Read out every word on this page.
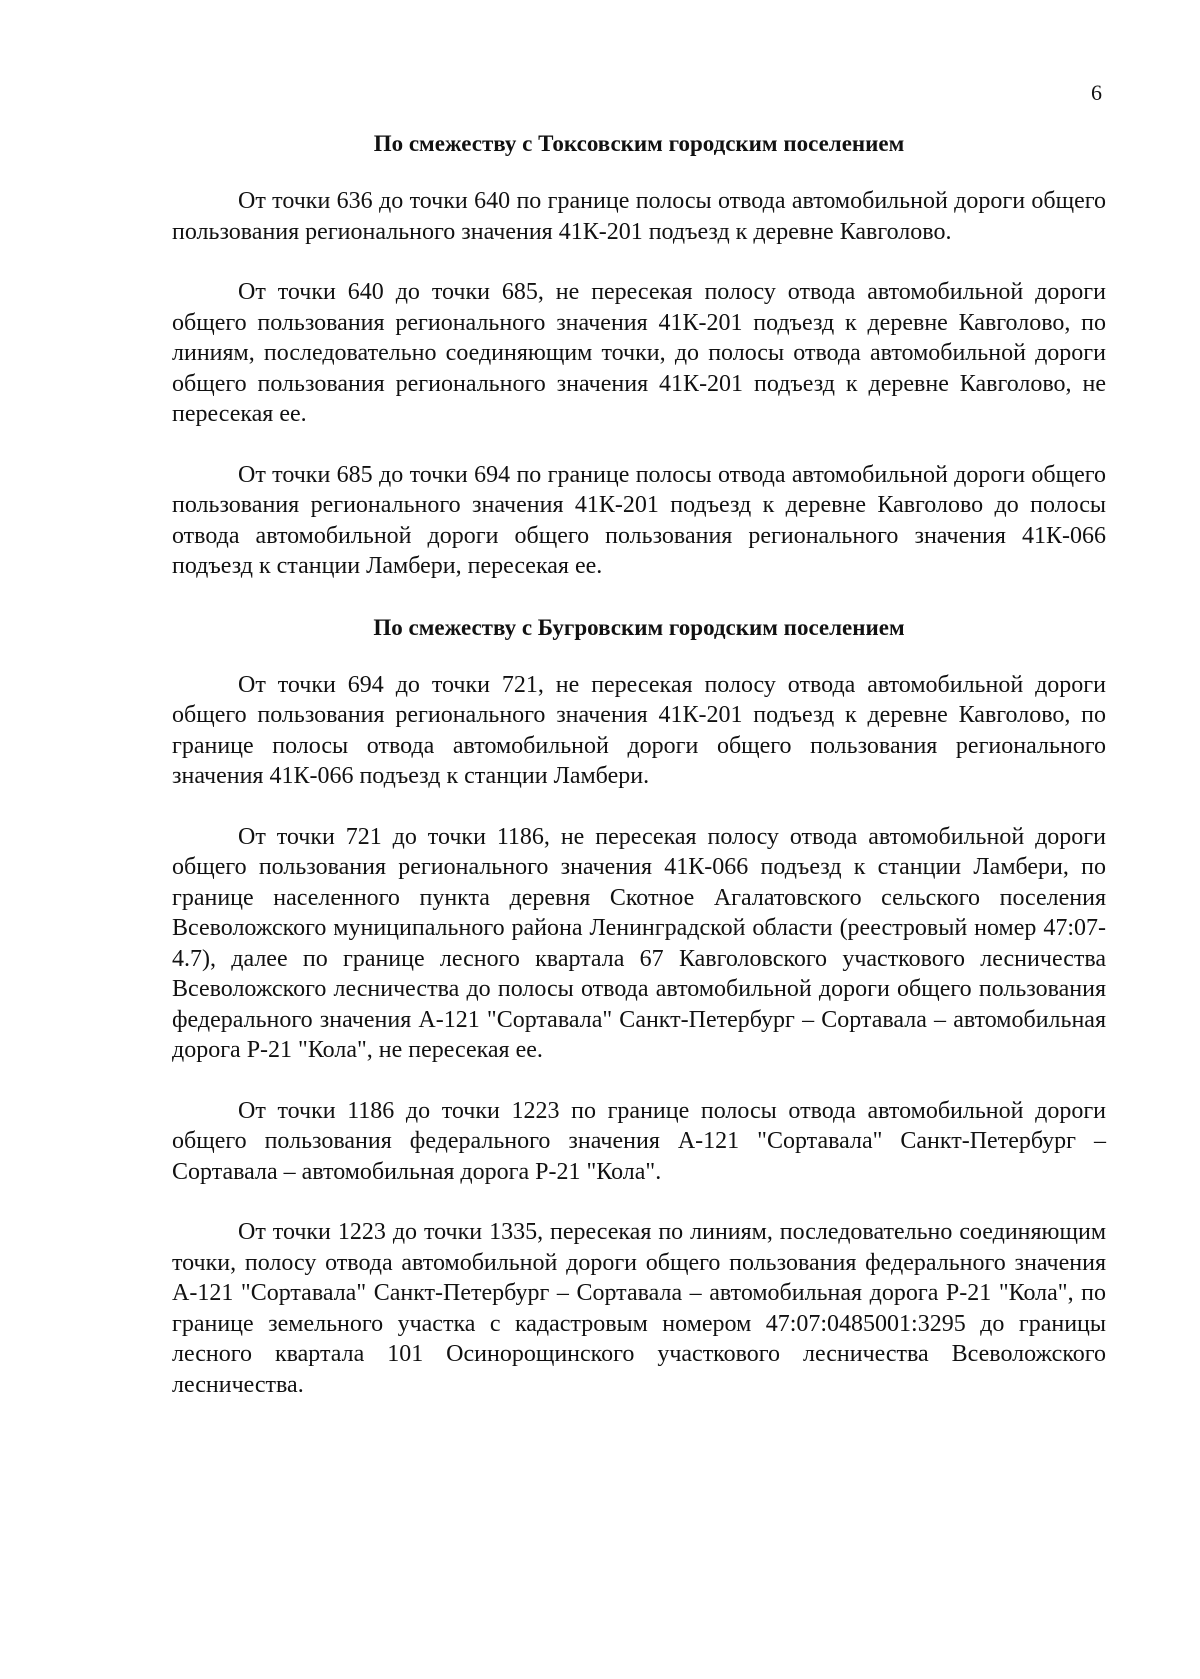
6
По смежеству с Токсовским городским поселением

От точки 636 до точки 640 по границе полосы отвода автомобильной дороги общего пользования регионального значения 41К-201 подъезд к деревне Кавголово.

От точки 640 до точки 685, не пересекая полосу отвода автомобильной дороги общего пользования регионального значения 41К-201 подъезд к деревне Кавголово, по линиям, последовательно соединяющим точки, до полосы отвода автомобильной дороги общего пользования регионального значения 41К-201 подъезд к деревне Кавголово, не пересекая ее.

От точки 685 до точки 694 по границе полосы отвода автомобильной дороги общего пользования регионального значения 41К-201 подъезд к деревне Кавголово до полосы отвода автомобильной дороги общего пользования регионального значения 41К-066 подъезд к станции Ламбери, пересекая ее.

По смежеству с Бугровским городским поселением

От точки 694 до точки 721, не пересекая полосу отвода автомобильной дороги общего пользования регионального значения 41К-201 подъезд к деревне Кавголово, по границе полосы отвода автомобильной дороги общего пользования регионального значения 41К-066 подъезд к станции Ламбери.

От точки 721 до точки 1186, не пересекая полосу отвода автомобильной дороги общего пользования регионального значения 41К-066 подъезд к станции Ламбери, по границе населенного пункта деревня Скотное Агалатовского сельского поселения Всеволожского муниципального района Ленинградской области (реестровый номер 47:07-4.7), далее по границе лесного квартала 67 Кавголовского участкового лесничества Всеволожского лесничества до полосы отвода автомобильной дороги общего пользования федерального значения А-121 "Сортавала" Санкт-Петербург – Сортавала – автомобильная дорога Р-21 "Кола", не пересекая ее.

От точки 1186 до точки 1223 по границе полосы отвода автомобильной дороги общего пользования федерального значения А-121 "Сортавала" Санкт-Петербург – Сортавала – автомобильная дорога Р-21 "Кола".

От точки 1223 до точки 1335, пересекая по линиям, последовательно соединяющим точки, полосу отвода автомобильной дороги общего пользования федерального значения А-121 "Сортавала" Санкт-Петербург – Сортавала – автомобильная дорога Р-21 "Кола", по границе земельного участка с кадастровым номером 47:07:0485001:3295 до границы лесного квартала 101 Осинорощинского участкового лесничества Всеволожского лесничества.
